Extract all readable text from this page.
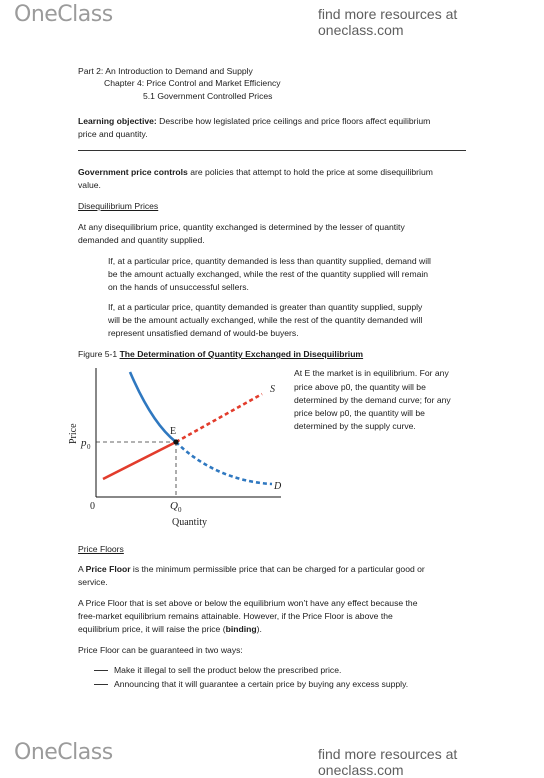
OneClass	find more resources at oneclass.com
Part 2: An Introduction to Demand and Supply
Chapter 4: Price Control and Market Efficiency
5.1 Government Controlled Prices
Learning objective: Describe how legislated price ceilings and price floors affect equilibrium
price and quantity.
Government price controls are policies that attempt to hold the price at some disequilibrium
value.
Disequilibrium Prices
At any disequilibrium price, quantity exchanged is determined by the lesser of quantity
demanded and quantity supplied.
If, at a particular price, quantity demanded is less than quantity supplied, demand will
be the amount actually exchanged, while the rest of the quantity supplied will remain
on the hands of unsuccessful sellers.
If, at a particular price, quantity demanded is greater than quantity supplied, supply
will be the amount actually exchanged, while the rest of the quantity demanded will
represent unsatisfied demand of would-be buyers.
Figure 5-1 The Determination of Quantity Exchanged in Disequilibrium
E
S
D
0
Price
Quantity
p 0
Q 0
At E the market is in equilibrium. For any
price above p0, the quantity will be
determined by the demand curve; for any
price below p0, the quantity will be
determined by the supply curve.
Price Floors
A Price Floor is the minimum permissible price that can be charged for a particular good or
service.
A Price Floor that is set above or below the equilibrium won’t have any effect because the
free-market equilibrium remains attainable. However, if the Price Floor is above the
equilibrium price, it will raise the price (binding).
Price Floor can be guaranteed in two ways:
Make it illegal to sell the product below the prescribed price.
Announcing that it will guarantee a certain price by buying any excess supply.
OneClass	find more resources at oneclass.com
